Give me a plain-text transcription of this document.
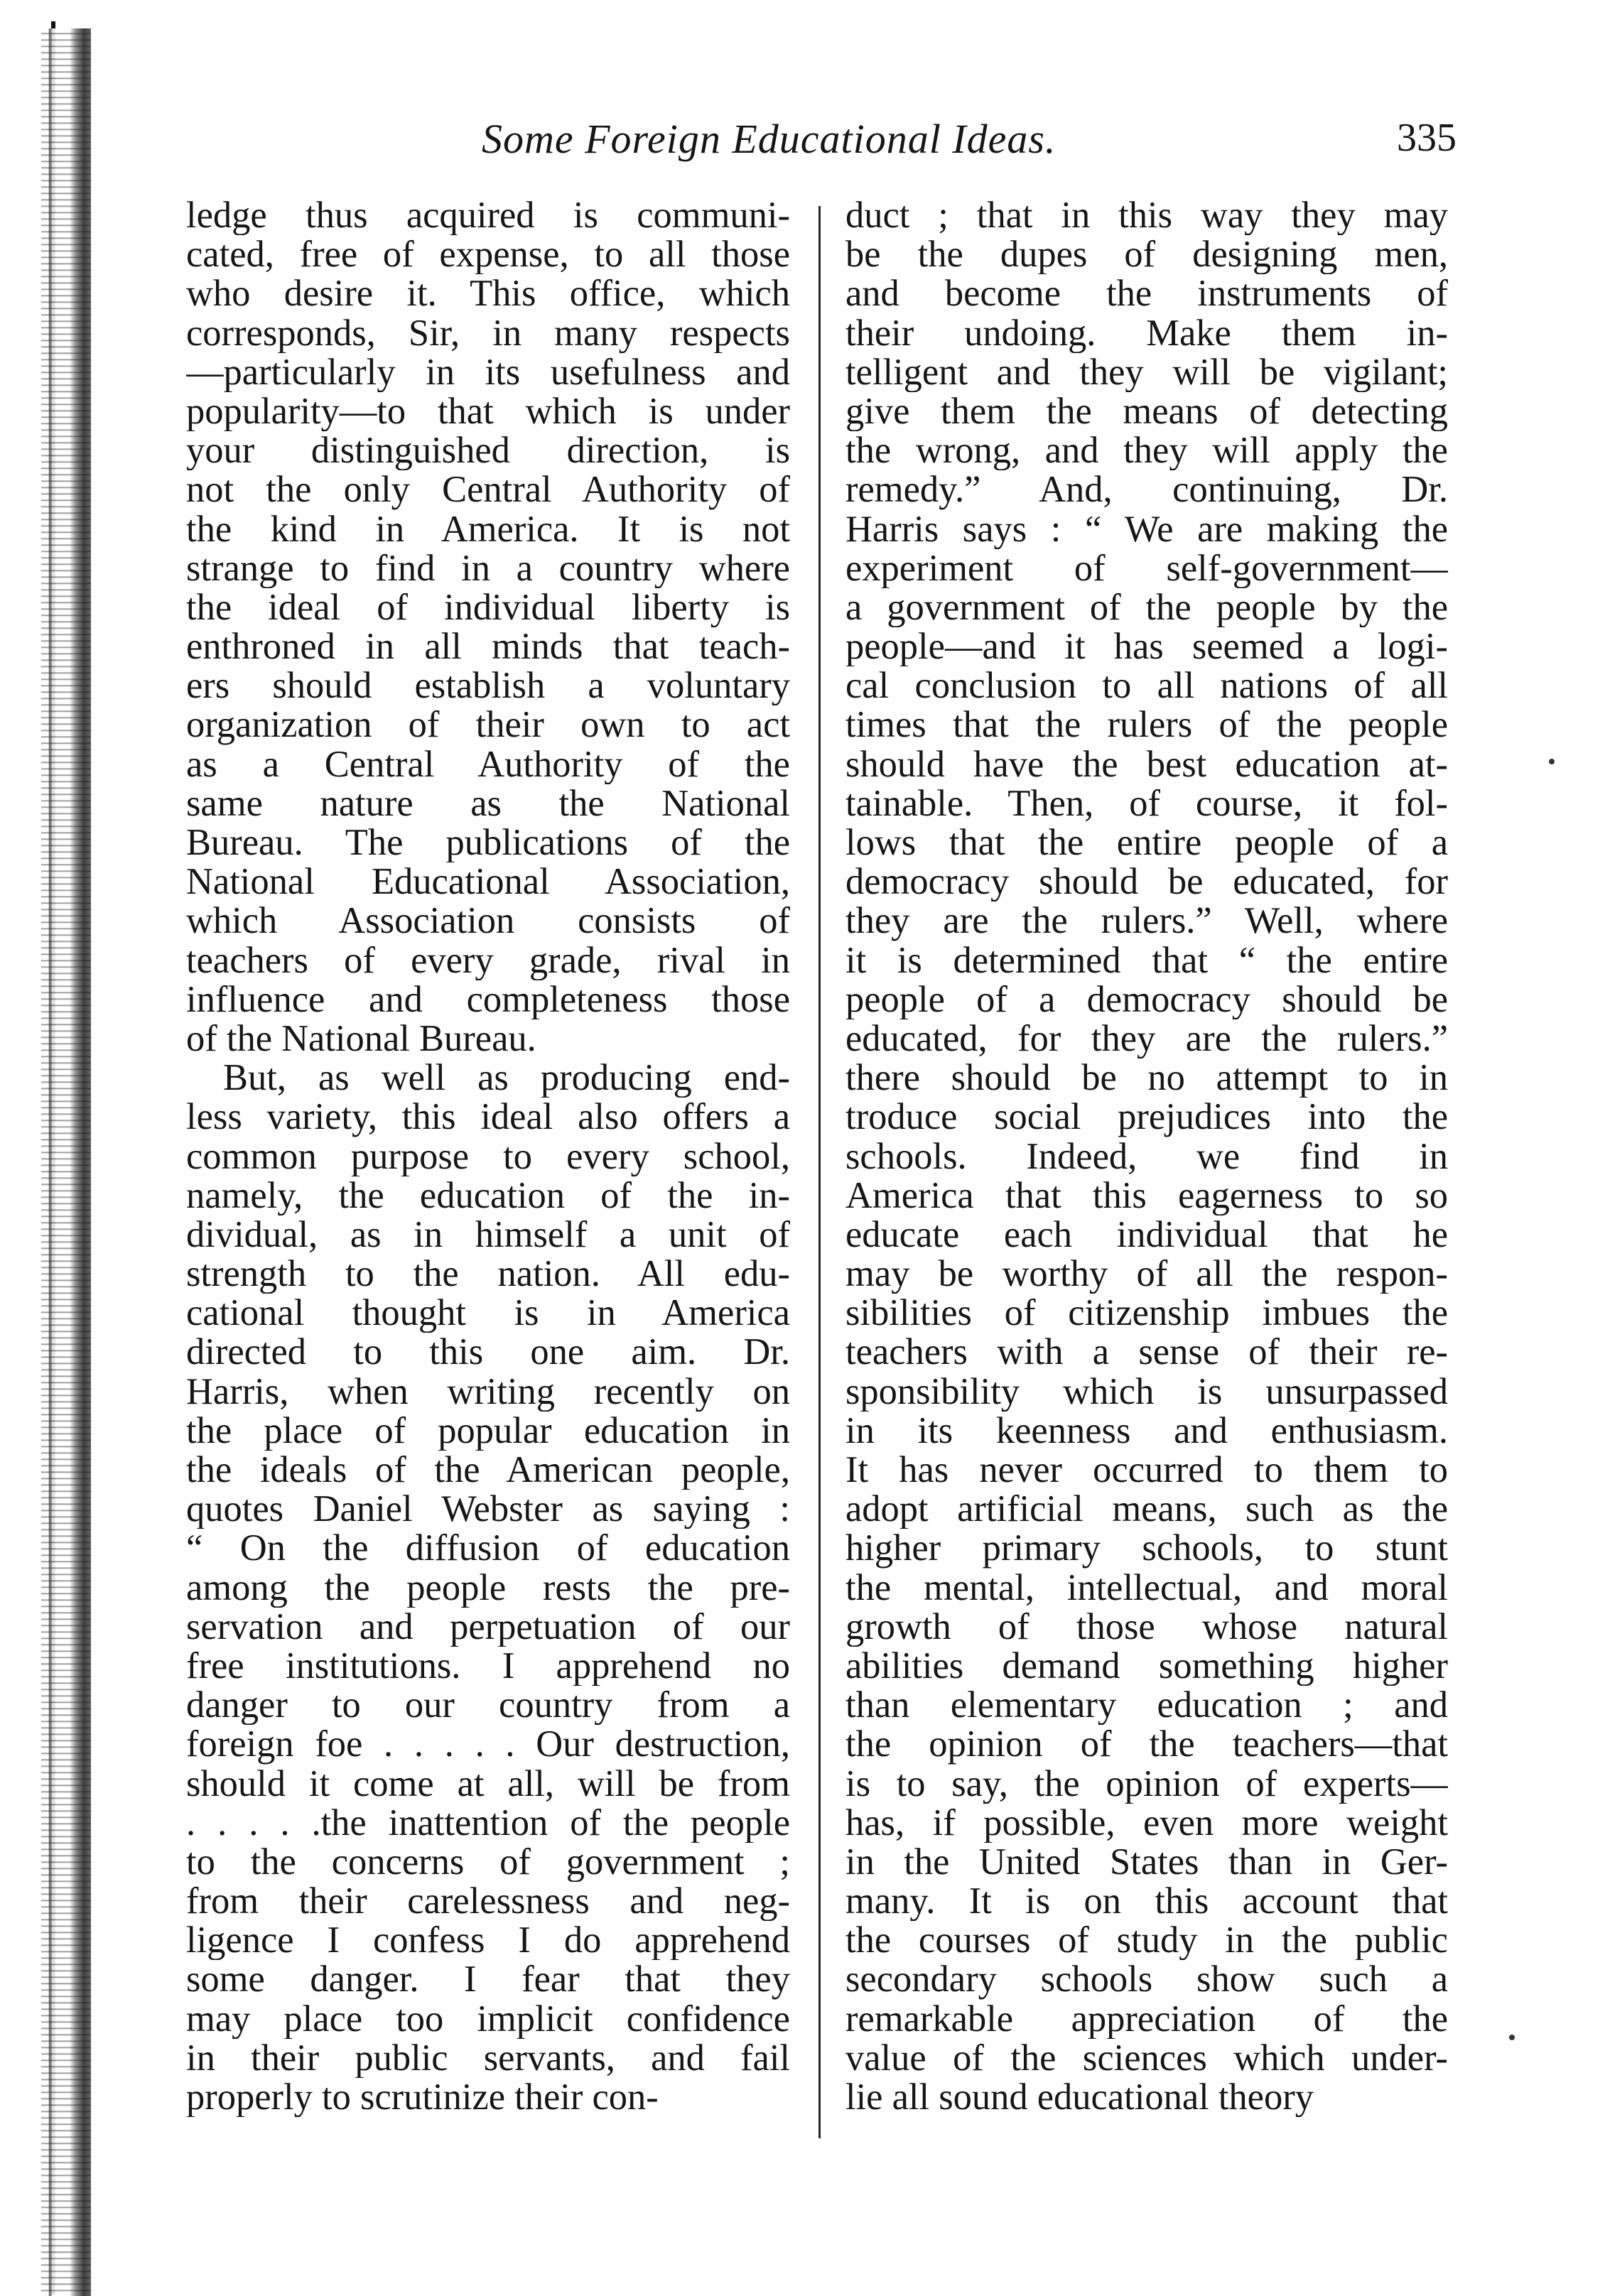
Some Foreign Educational Ideas.	335
ledge thus acquired is communi-
cated, free of expense, to all those
who desire it. This office, which
corresponds, Sir, in many respects
—particularly in its usefulness and
popularity—to that which is under
your distinguished direction, is
not the only Central Authority of
the kind in America. It is not
strange to find in a country where
the ideal of individual liberty is
enthroned in all minds that teach-
ers should establish a voluntary
organization of their own to act
as a Central Authority of the
same nature as the National
Bureau. The publications of the
National Educational Association,
which Association consists of
teachers of every grade, rival in
influence and completeness those
of the National Bureau.
But, as well as producing end-
less variety, this ideal also offers a
common purpose to every school,
namely, the education of the in-
dividual, as in himself a unit of
strength to the nation. All edu-
cational thought is in America
directed to this one aim. Dr.
Harris, when writing recently on
the place of popular education in
the ideals of the American people,
quotes Daniel Webster as saying :
“ On the diffusion of education
among the people rests the pre-
servation and perpetuation of our
free institutions. I apprehend no
danger to our country from a
foreign foe . . . . . Our destruction,
should it come at all, will be from
. . . . .the inattention of the people
to the concerns of government ;
from their carelessness and neg-
ligence I confess I do apprehend
some danger. I fear that they
may place too implicit confidence
in their public servants, and fail
properly to scrutinize their con-
duct ; that in this way they may
be the dupes of designing men,
and become the instruments of
their undoing. Make them in-
telligent and they will be vigilant;
give them the means of detecting
the wrong, and they will apply the
remedy.” And, continuing, Dr.
Harris says : “ We are making the
experiment of self-government—
a government of the people by the
people—and it has seemed a logi-
cal conclusion to all nations of all
times that the rulers of the people
should have the best education at-
tainable. Then, of course, it fol-
lows that the entire people of a
democracy should be educated, for
they are the rulers.” Well, where
it is determined that “ the entire
people of a democracy should be
educated, for they are the rulers.”
there should be no attempt to in
troduce social prejudices into the
schools. Indeed, we find in
America that this eagerness to so
educate each individual that he
may be worthy of all the respon-
sibilities of citizenship imbues the
teachers with a sense of their re-
sponsibility which is unsurpassed
in its keenness and enthusiasm.
It has never occurred to them to
adopt artificial means, such as the
higher primary schools, to stunt
the mental, intellectual, and moral
growth of those whose natural
abilities demand something higher
than elementary education ; and
the opinion of the teachers—that
is to say, the opinion of experts—
has, if possible, even more weight
in the United States than in Ger-
many. It is on this account that
the courses of study in the public
secondary schools show such a
remarkable appreciation of the
value of the sciences which under-
lie all sound educational theory
